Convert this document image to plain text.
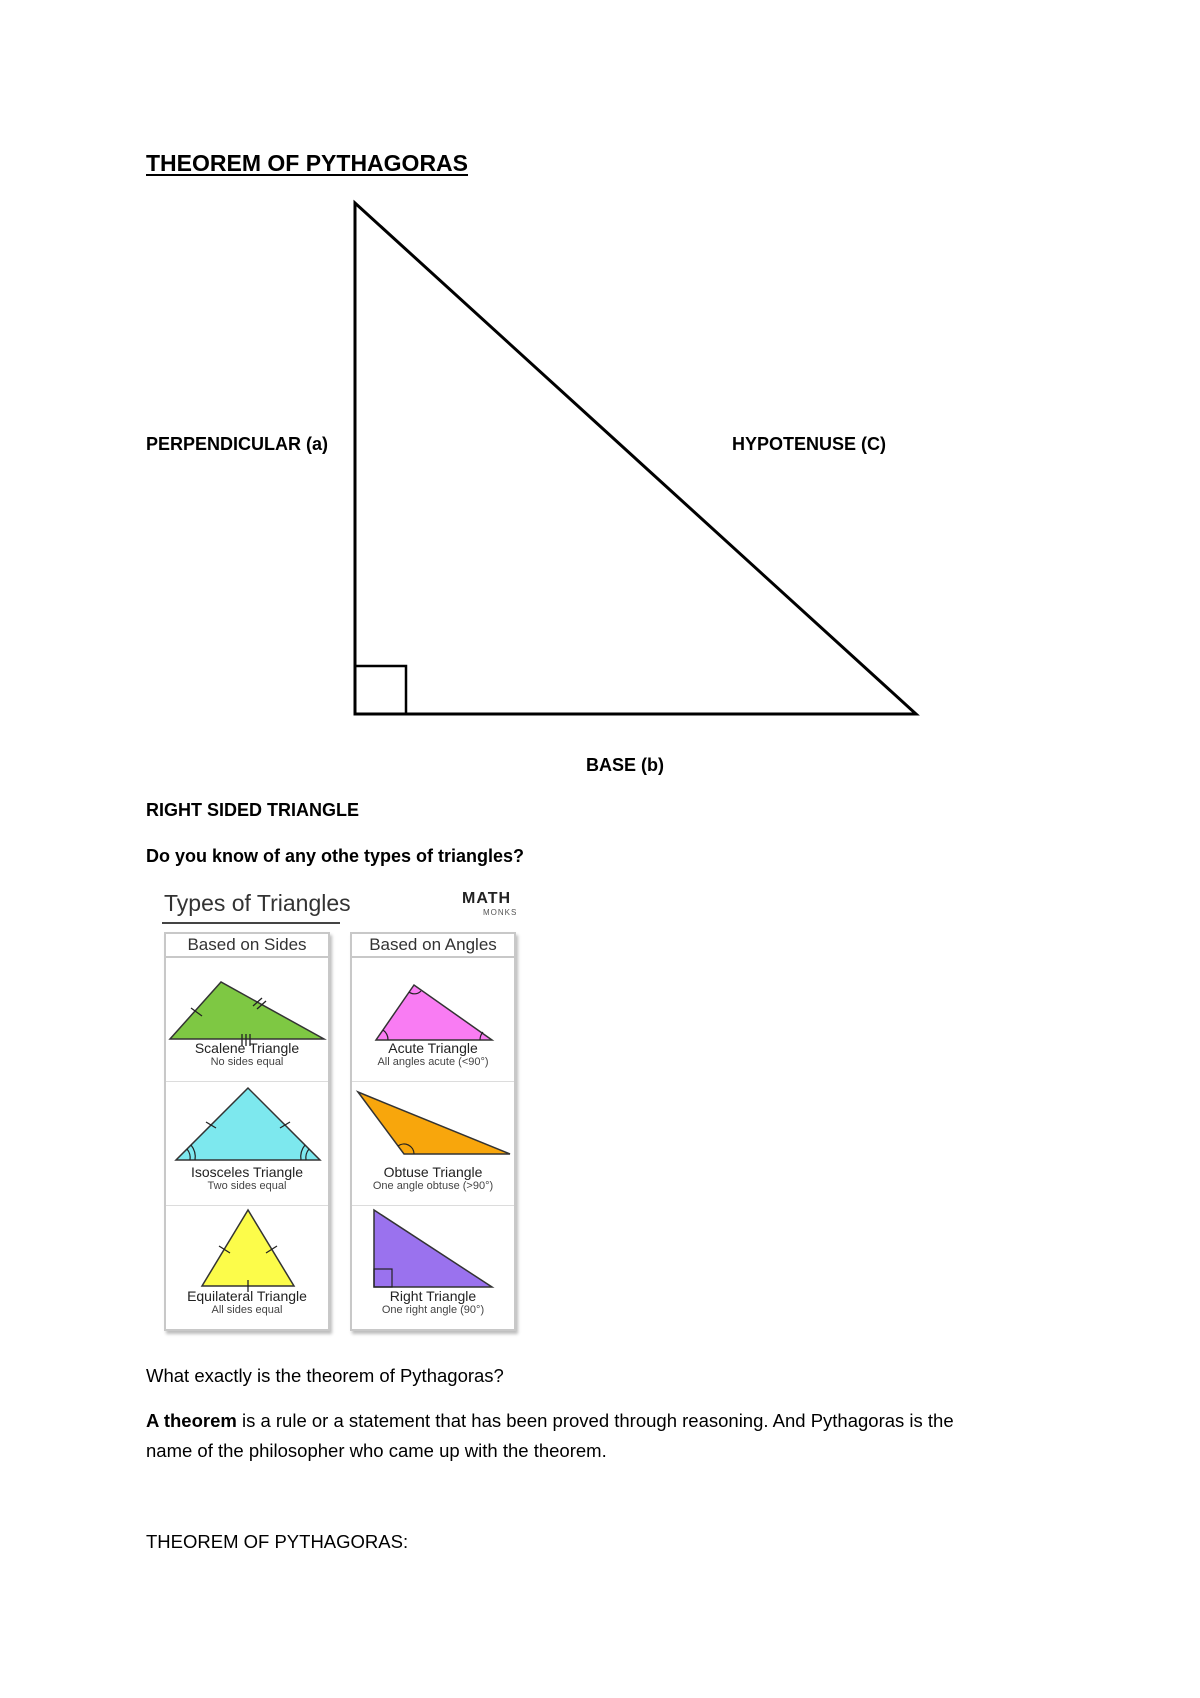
THEOREM OF PYTHAGORAS
PERPENDICULAR (a)	HYPOTENUSE (C)
BASE (b)
RIGHT SIDED TRIANGLE
Do you know of any othe types of triangles?
Types of Triangles	MATH
MONKS
Based on Sides
Scalene Triangle
No sides equal
Isosceles Triangle
Two sides equal
Equilateral Triangle
All sides equal
Based on Angles
Acute Triangle
All angles acute (<90°)
Obtuse Triangle
One angle obtuse (>90°)
Right Triangle
One right angle (90°)
What exactly is the theorem of Pythagoras?
A theorem is a rule or a statement that has been proved through reasoning. And Pythagoras is the
name of the philosopher who came up with the theorem.
THEOREM OF PYTHAGORAS:
